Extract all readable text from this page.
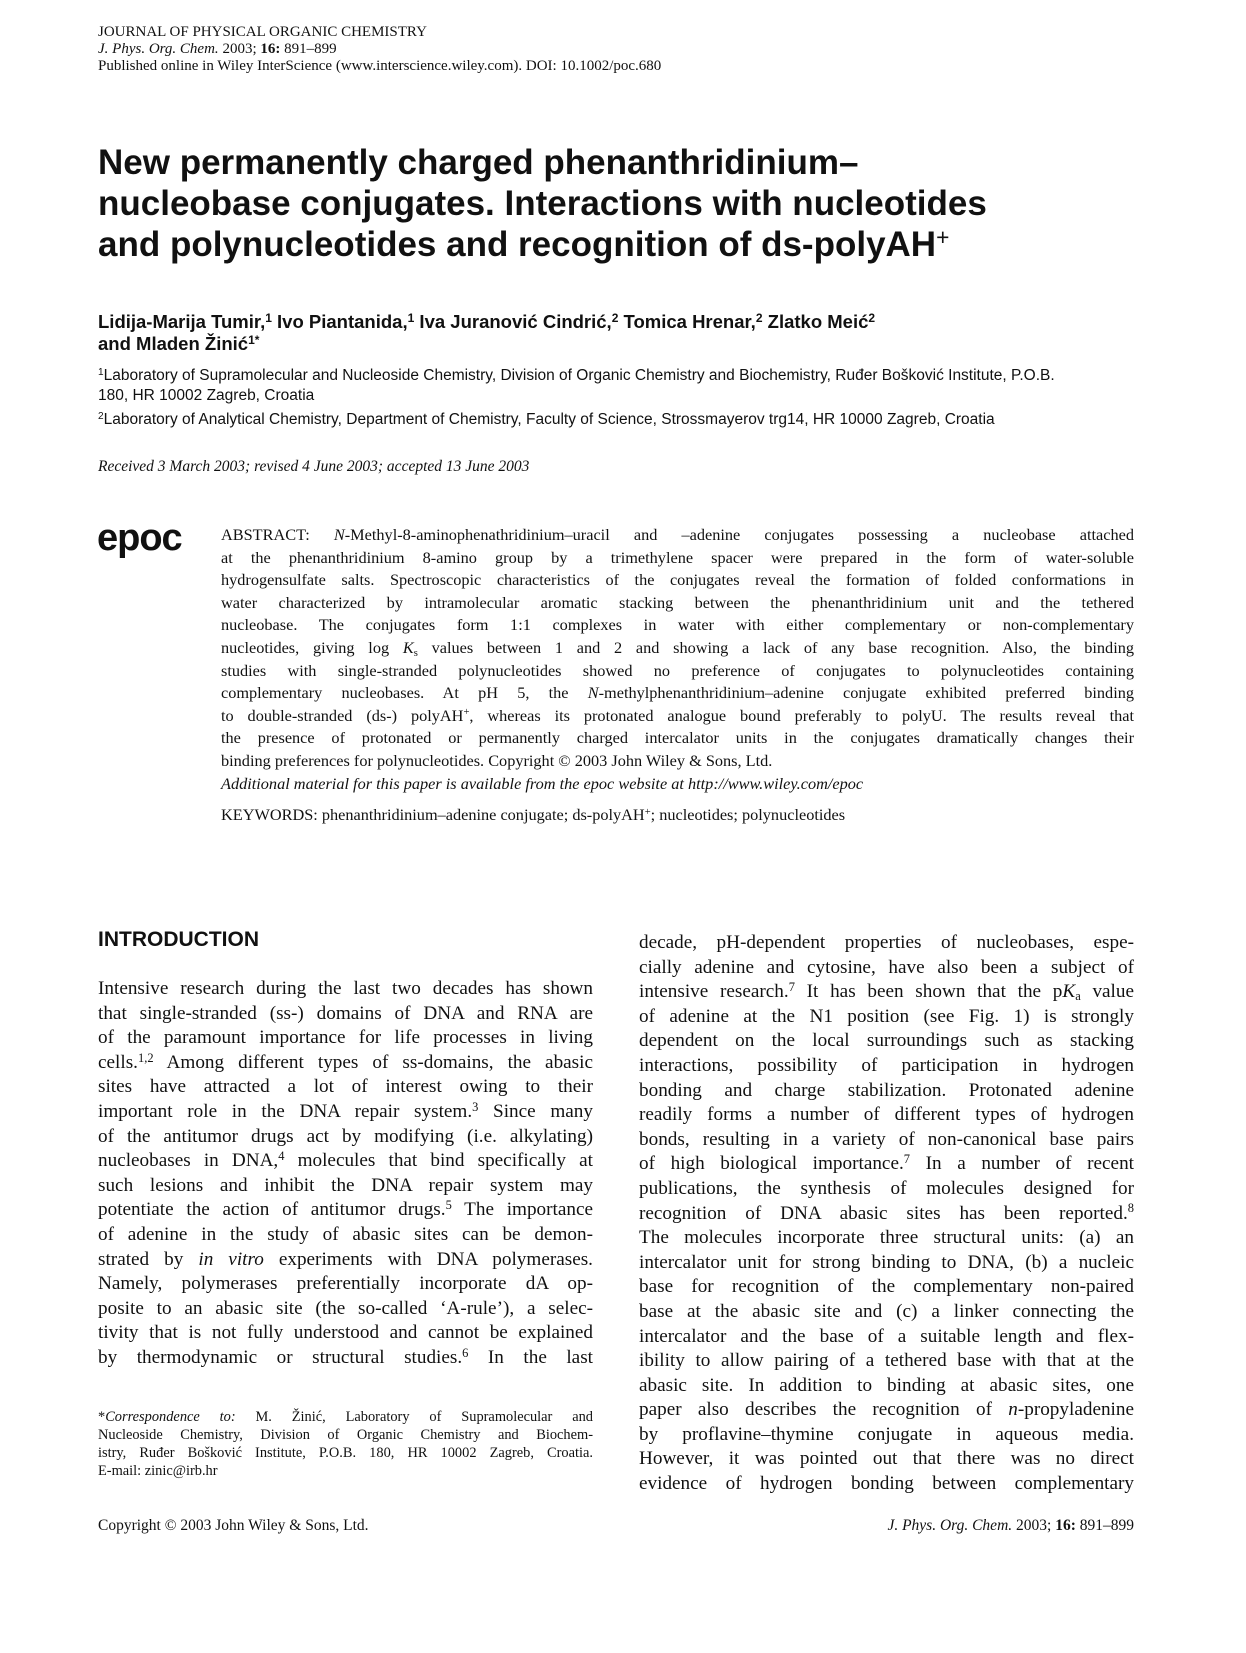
JOURNAL OF PHYSICAL ORGANIC CHEMISTRY
J. Phys. Org. Chem. 2003; 16: 891–899
Published online in Wiley InterScience (www.interscience.wiley.com). DOI: 10.1002/poc.680
New permanently charged phenanthridinium–
nucleobase conjugates. Interactions with nucleotides
and polynucleotides and recognition of ds-polyAH+
Lidija-Marija Tumir,$^1$ Ivo Piantanida,$^1$ Iva Juranović Cindrić,$^2$ Tomica Hrenar,$^2$ Zlatko Meić$^2$
and Mladen Žinić$^{1*}$
$^1$Laboratory of Supramolecular and Nucleoside Chemistry, Division of Organic Chemistry and Biochemistry, Ruđer Bošković Institute, P.O.B.
180, HR 10002 Zagreb, Croatia
$^2$Laboratory of Analytical Chemistry, Department of Chemistry, Faculty of Science, Strossmayerov trg14, HR 10000 Zagreb, Croatia
Received 3 March 2003; revised 4 June 2003; accepted 13 June 2003
epoc ABSTRACT: N-Methyl-8-aminophenathridinium–uracil and –adenine conjugates possessing a nucleobase attached
at the phenanthridinium 8-amino group by a trimethylene spacer were prepared in the form of water-soluble
hydrogensulfate salts. Spectroscopic characteristics of the conjugates reveal the formation of folded conformations in
water characterized by intramolecular aromatic stacking between the phenanthridinium unit and the tethered
nucleobase. The conjugates form 1:1 complexes in water with either complementary or non-complementary
nucleotides, giving $\log K_s$ values between 1 and 2 and showing a lack of any base recognition. Also, the binding
studies with single-stranded polynucleotides showed no preference of conjugates to polynucleotides containing
complementary nucleobases. At pH 5, the N-methylphenanthridinium–adenine conjugate exhibited preferred binding
to double-stranded (ds-) polyAH+, whereas its protonated analogue bound preferably to polyU. The results reveal that
the presence of protonated or permanently charged intercalator units in the conjugates dramatically changes their
binding preferences for polynucleotides. Copyright © 2003 John Wiley & Sons, Ltd.
Additional material for this paper is available from the epoc website at http://www.wiley.com/epoc
KEYWORDS: phenanthridinium–adenine conjugate; ds-polyAH+; nucleotides; polynucleotides
INTRODUCTION
Intensive research during the last two decades has shown
that single-stranded (ss-) domains of DNA and RNA are
of the paramount importance for life processes in living
cells.$^{1,2}$ Among different types of ss-domains, the abasic
sites have attracted a lot of interest owing to their
important role in the DNA repair system.$^3$ Since many
of the antitumor drugs act by modifying (i.e. alkylating)
nucleobases in DNA,$^4$ molecules that bind specifically at
such lesions and inhibit the DNA repair system may
potentiate the action of antitumor drugs.$^5$ The importance
of adenine in the study of abasic sites can be demon-
strated by in vitro experiments with DNA polymerases.
Namely, polymerases preferentially incorporate dA op-
posite to an abasic site (the so-called ‘A-rule’), a selec-
tivity that is not fully understood and cannot be explained
by thermodynamic or structural studies.$^6$ In the last
decade, pH-dependent properties of nucleobases, espe-
cially adenine and cytosine, have also been a subject of
intensive research.$^7$ It has been shown that the $pK_a$ value
of adenine at the N1 position (see Fig. 1) is strongly
dependent on the local surroundings such as stacking
interactions, possibility of participation in hydrogen
bonding and charge stabilization. Protonated adenine
readily forms a number of different types of hydrogen
bonds, resulting in a variety of non-canonical base pairs
of high biological importance.$^7$ In a number of recent
publications, the synthesis of molecules designed for
recognition of DNA abasic sites has been reported.$^8$
The molecules incorporate three structural units: (a) an
intercalator unit for strong binding to DNA, (b) a nucleic
base for recognition of the complementary non-paired
base at the abasic site and (c) a linker connecting the
intercalator and the base of a suitable length and flex-
ibility to allow pairing of a tethered base with that at the
abasic site. In addition to binding at abasic sites, one
paper also describes the recognition of n-propyladenine
by proflavine–thymine conjugate in aqueous media.
However, it was pointed out that there was no direct
evidence of hydrogen bonding between complementary
*Correspondence to: M. Žinić, Laboratory of Supramolecular and
Nucleoside Chemistry, Division of Organic Chemistry and Biochem-
istry, Ruđer Bošković Institute, P.O.B. 180, HR 10002 Zagreb, Croatia.
E-mail: zinic@irb.hr
Copyright © 2003 John Wiley & Sons, Ltd.	J. Phys. Org. Chem. 2003; 16: 891–899
